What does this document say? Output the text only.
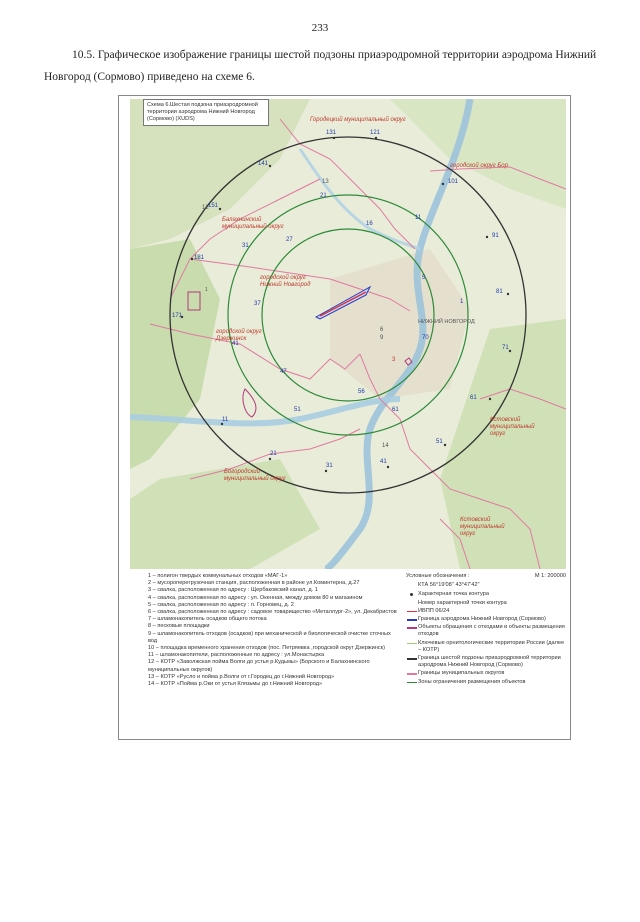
233
10.5. Графическое изображение границы шестой подзоны приаэродромной территории аэродрома Нижний Новгород (Сормово) приведено на схеме 6.
1
Городецкий муниципальный округ
городской округ Бор
Балахнинский муниципальный округ
городской округ Нижний Новгород
городской округ Дзержинск
Богородский муниципальный округ
Кстовский муниципальный округ
Кстовский муниципальный округ
НИЖНИЙ НОВГОРОД
131	121
141
101
151
91
181
81
171
71
61
51
41
31
21
11
21
16
11
27
37
31
41
47
51
56
61
70
5
1
13
12
9
6
3
14
Схема 6.Шестая подзона приаэродромной территории аэродрома Нижний Новгород (Сормово) (XUDS)
1 – полигон твердых коммунальных отходов «МАГ-1»
2 – мусороперегрузочная станция, расположенная в районе ул.Коминтерна, д.27
3 – свалка, расположенная по адресу : Щербаковский канал, д. 1
4 – свалка, расположенная по адресу : ул. Окенная, между домом 80 и магазином
5 – свалка, расположенная по адресу : п. Горновец, д. 2
6 – свалка, расположенная по адресу : садовое товарищество «Металлург-2», ул. Декабристов
7 – шламонакопитель осадков общего потока
8 – песковые площадки
9 – шламонакопитель отходов (осадков) при механической и биологической очистке сточных вод
10 – площадка временного хранения отходов (пос. Петряевка ,городской округ Дзержинск)
11 – шламонакопители, расположенные по адресу : ул.Монастырка
12 – КОТР «Заволжская пойма Волги до устья р.Кудьмы» (Борского и Балахнинского муниципальных округов)
13 – КОТР «Русло и пойма р.Волги от г.Городец до г.Нижний Новгород»
14 – КОТР «Пойма р.Оки от устья Клязьмы до г.Нижний Новгород»
Условные обозначения :	М 1: 200000
КТА 56°19'08'' 43°47'42''
Характерная точка контура
Номер характерной точки контура
ИВПП 06/24
Граница аэродрома Нижний Новгород (Сормово)
Объекты обращения с отходами и объекты размещения отходов
Ключевые орнитологические территории России (далее – КОТР)
Граница шестой подзоны приаэродромной территории аэродрома Нижний Новгород (Сормово)
Границы муниципальных округов
Зоны ограничения размещения объектов
